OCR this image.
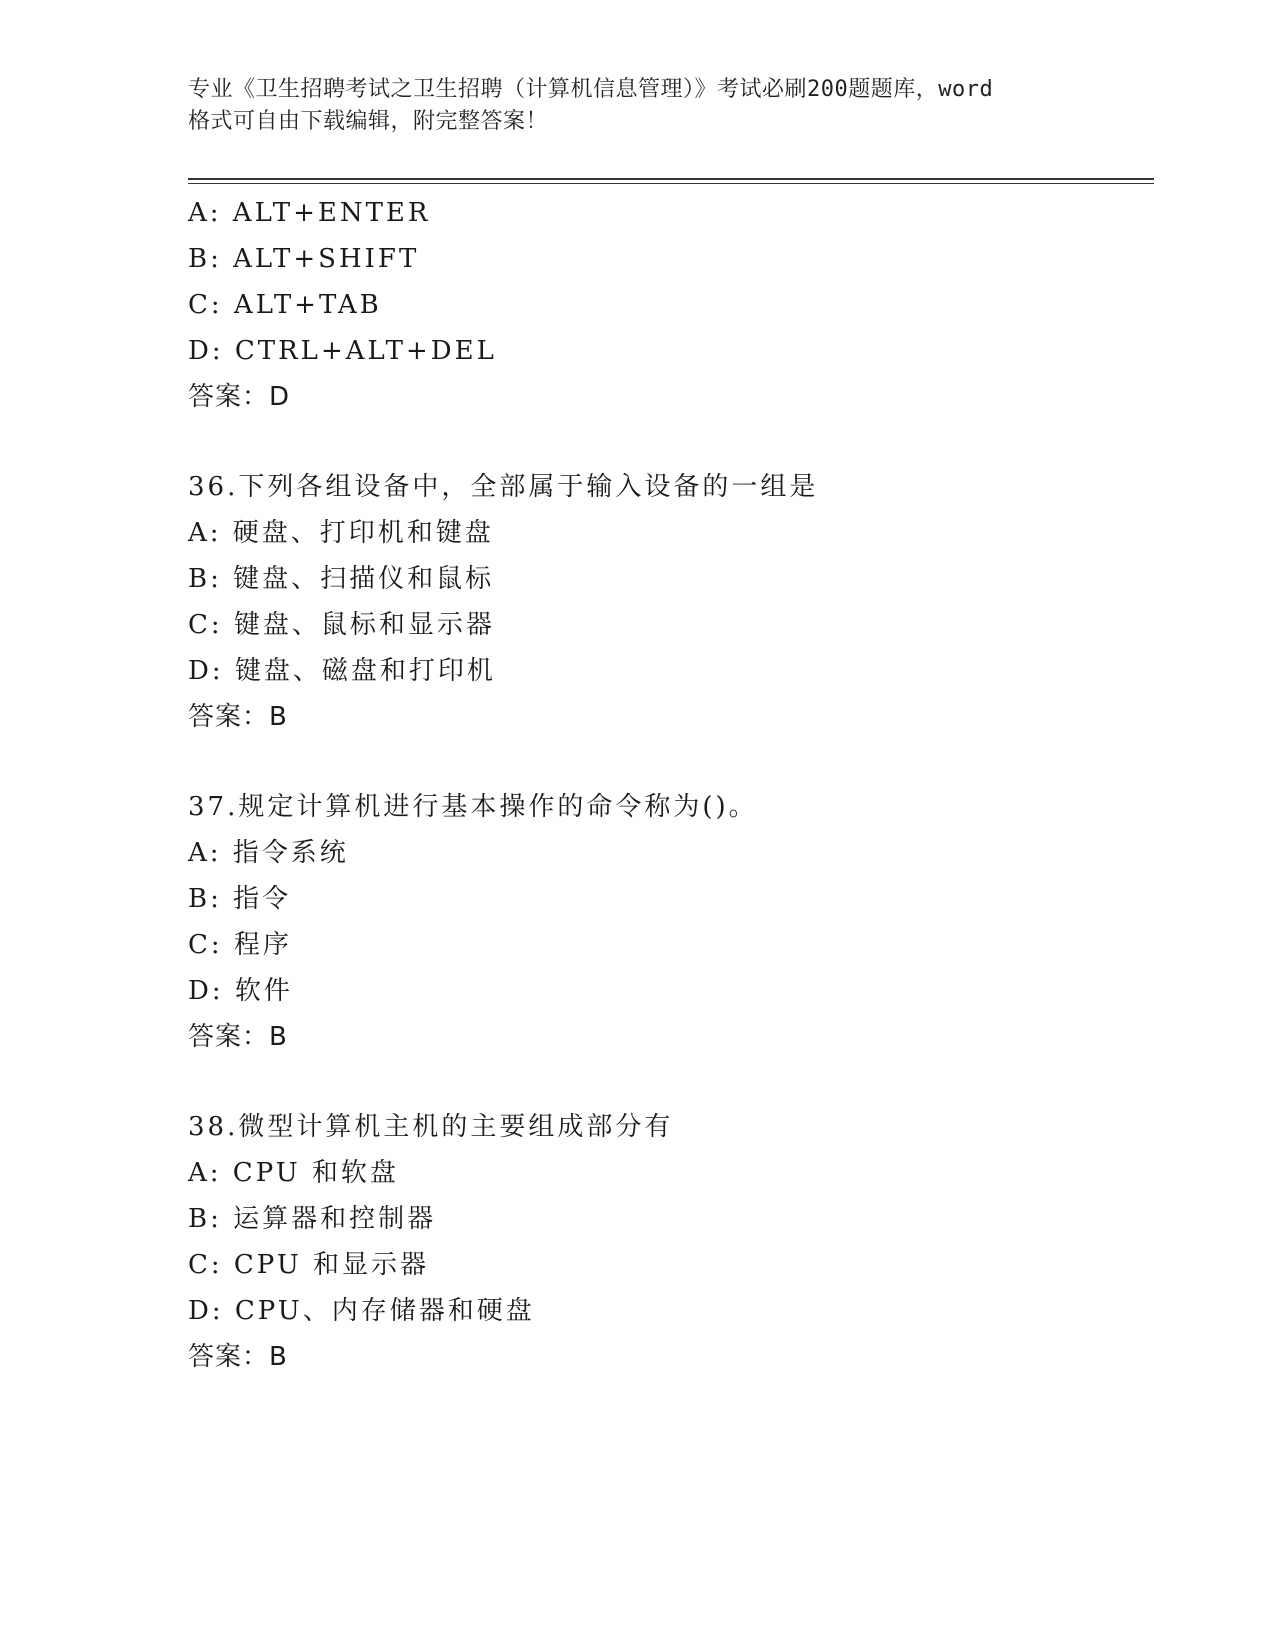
专业《卫生招聘考试之卫生招聘（计算机信息管理）》考试必刷200题题库，word
格式可自由下载编辑，附完整答案！
A: ALT+ENTER
B: ALT+SHIFT
C: ALT+TAB
D: CTRL+ALT+DEL
答案：D
36.下列各组设备中，全部属于输入设备的一组是
A: 硬盘、打印机和键盘
B: 键盘、扫描仪和鼠标
C: 键盘、鼠标和显示器
D: 键盘、磁盘和打印机
答案：B
37.规定计算机进行基本操作的命令称为()。
A: 指令系统
B: 指令
C: 程序
D: 软件
答案：B
38.微型计算机主机的主要组成部分有
A: CPU 和软盘
B: 运算器和控制器
C: CPU 和显示器
D: CPU、内存储器和硬盘
答案：B
